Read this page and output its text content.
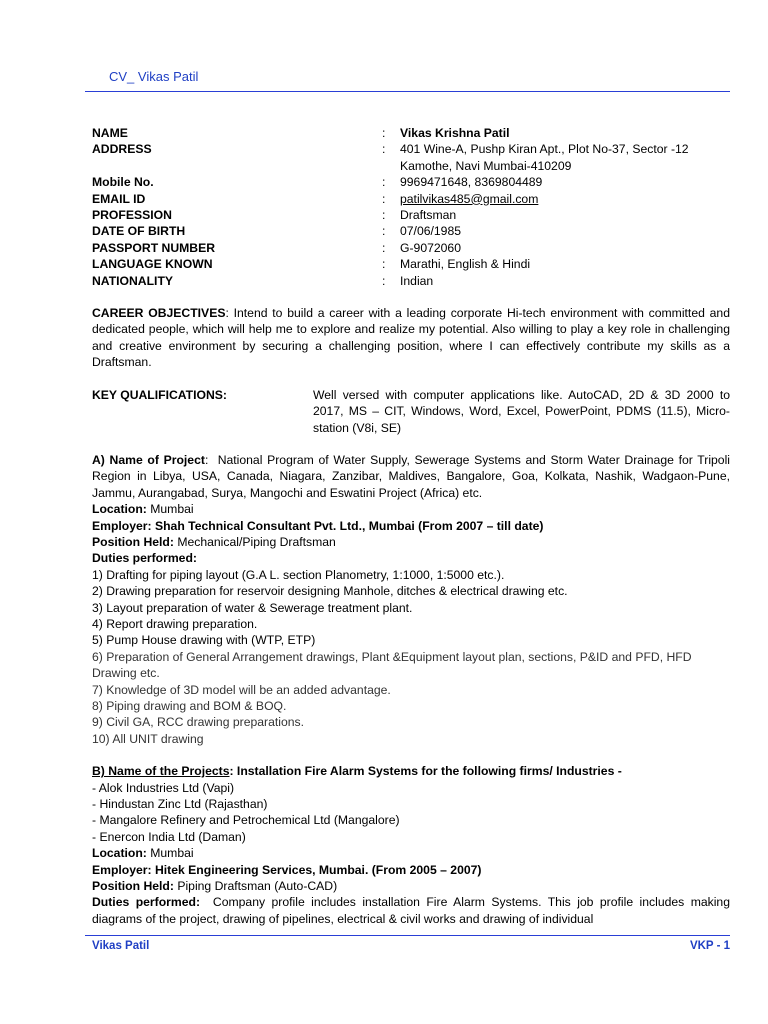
CV_ Vikas Patil
NAME	:	Vikas Krishna Patil
ADDRESS	:	401 Wine-A, Pushp Kiran Apt., Plot No-37, Sector -12
Kamothe, Navi Mumbai-410209
Mobile No.	:	9969471648, 8369804489
EMAIL ID	:	patilvikas485@gmail.com
PROFESSION	:	Draftsman
DATE OF BIRTH	:	07/06/1985
PASSPORT NUMBER	:	G-9072060
LANGUAGE KNOWN	:	Marathi, English & Hindi
NATIONALITY	:	Indian

CAREER OBJECTIVES: Intend to build a career with a leading corporate Hi-tech environment with committed and dedicated people, which will help me to explore and realize my potential. Also willing to play a key role in challenging and creative environment by securing a challenging position, where I can effectively contribute my skills as a Draftsman.

KEY QUALIFICATIONS:	Well versed with computer applications like. AutoCAD, 2D & 3D 2000 to 2017, MS – CIT, Windows, Word, Excel, PowerPoint, PDMS (11.5), Micro-station (V8i, SE)

A) Name of Project: National Program of Water Supply, Sewerage Systems and Storm Water Drainage for Tripoli Region in Libya, USA, Canada, Niagara, Zanzibar, Maldives, Bangalore, Goa, Kolkata, Nashik, Wadgaon-Pune, Jammu, Aurangabad, Surya, Mangochi and Eswatini Project (Africa) etc.

Location: Mumbai
Employer: Shah Technical Consultant Pvt. Ltd., Mumbai (From 2007 – till date)
Position Held: Mechanical/Piping Draftsman
Duties performed:
1) Drafting for piping layout (G.A L. section Planometry, 1:1000, 1:5000 etc.).
2) Drawing preparation for reservoir designing Manhole, ditches & electrical drawing etc.
3) Layout preparation of water & Sewerage treatment plant.
4) Report drawing preparation.
5) Pump House drawing with (WTP, ETP)
6) Preparation of General Arrangement drawings, Plant &Equipment layout plan, sections, P&ID and PFD, HFD Drawing etc.
7) Knowledge of 3D model will be an added advantage.
8) Piping drawing and BOM & BOQ.
9) Civil GA, RCC drawing preparations.
10) All UNIT drawing
B) Name of the Projects: Installation Fire Alarm Systems for the following firms/ Industries -
- Alok Industries Ltd (Vapi)
- Hindustan Zinc Ltd (Rajasthan)
- Mangalore Refinery and Petrochemical Ltd (Mangalore)
- Enercon India Ltd (Daman)
Location: Mumbai
Employer: Hitek Engineering Services, Mumbai. (From 2005 – 2007)
Position Held: Piping Draftsman (Auto-CAD)

Duties performed: Company profile includes installation Fire Alarm Systems. This job profile includes making diagrams of the project, drawing of pipelines, electrical & civil works and drawing of individual

Vikas Patil	VKP - 1
